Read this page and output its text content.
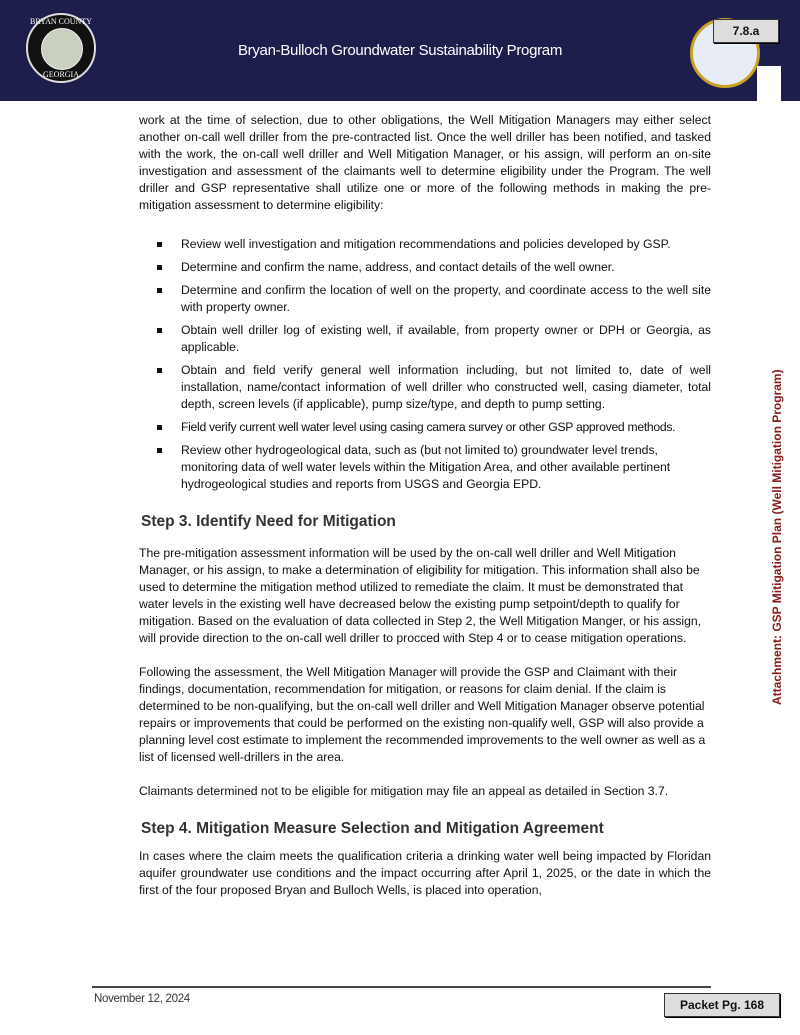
BRYAN COUNTY
GEORGIA
Bryan-Bulloch Groundwater Sustainability Program
7.8.a

work at the time of selection, due to other obligations, the Well Mitigation Managers may either select another on-call well driller from the pre-contracted list. Once the well driller has been notified, and tasked with the work, the on-call well driller and Well Mitigation Manager, or his assign, will perform an on-site investigation and assessment of the claimants well to determine eligibility under the Program. The well driller and GSP representative shall utilize one or more of the following methods in making the pre-mitigation assessment to determine eligibility:

Review well investigation and mitigation recommendations and policies developed by GSP.
Determine and confirm the name, address, and contact details of the well owner.
Determine and confirm the location of well on the property, and coordinate access to the well site with property owner.
Obtain well driller log of existing well, if available, from property owner or DPH or Georgia, as applicable.
Obtain and field verify general well information including, but not limited to, date of well installation, name/contact information of well driller who constructed well, casing diameter, total depth, screen levels (if applicable), pump size/type, and depth to pump setting.
Field verify current well water level using casing camera survey or other GSP approved methods.
Review other hydrogeological data, such as (but not limited to) groundwater level trends, monitoring data of well water levels within the Mitigation Area, and other available pertinent hydrogeological studies and reports from USGS and Georgia EPD.
Step 3. Identify Need for Mitigation

The pre-mitigation assessment information will be used by the on-call well driller and Well Mitigation Manager, or his assign, to make a determination of eligibility for mitigation. This information shall also be used to determine the mitigation method utilized to remediate the claim. It must be demonstrated that water levels in the existing well have decreased below the existing pump setpoint/depth to qualify for mitigation. Based on the evaluation of data collected in Step 2, the Well Mitigation Manger, or his assign, will provide direction to the on-call well driller to procced with Step 4 or to cease mitigation operations.

Following the assessment, the Well Mitigation Manager will provide the GSP and Claimant with their findings, documentation, recommendation for mitigation, or reasons for claim denial. If the claim is determined to be non-qualifying, but the on-call well driller and Well Mitigation Manager observe potential repairs or improvements that could be performed on the existing non-qualify well, GSP will also provide a planning level cost estimate to implement the recommended improvements to the well owner as well as a list of licensed well-drillers in the area.

Claimants determined not to be eligible for mitigation may file an appeal as detailed in Section 3.7.

Step 4. Mitigation Measure Selection and Mitigation Agreement

In cases where the claim meets the qualification criteria a drinking water well being impacted by Floridan aquifer groundwater use conditions and the impact occurring after April 1, 2025, or the date in which the first of the four proposed Bryan and Bulloch Wells, is placed into operation,

Attachment: GSP Mitigation Plan (Well Mitigation Program)
November 12, 2024	Packet Pg. 168
